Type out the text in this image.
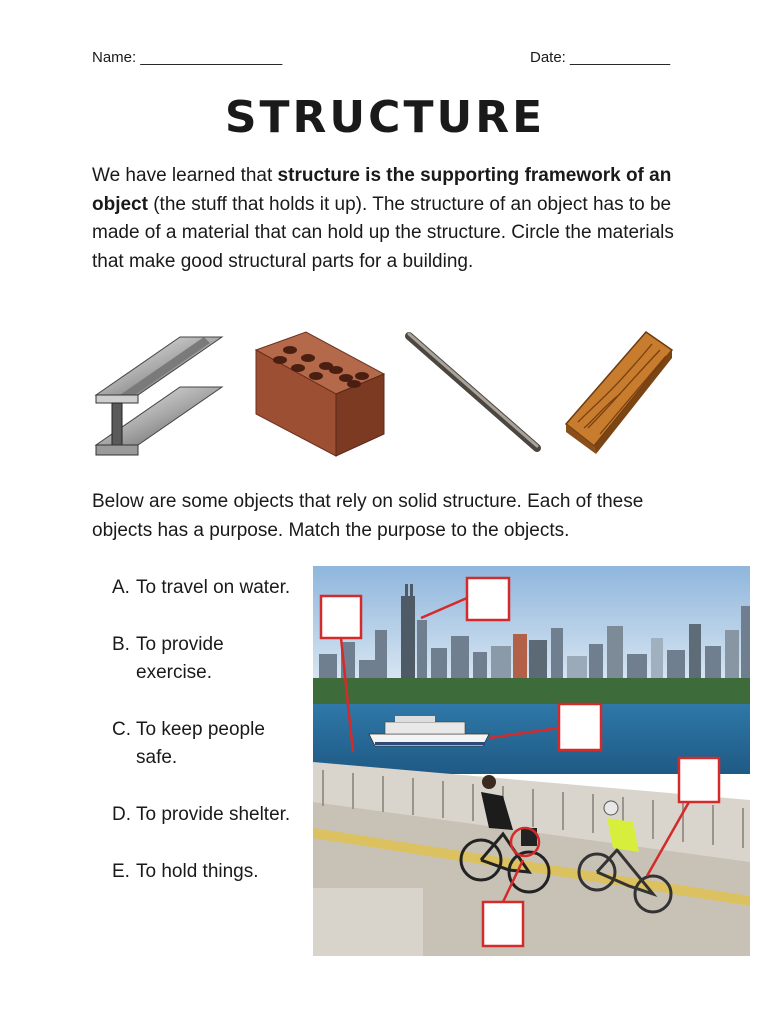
Name: _________________	Date: ____________
STRUCTURE
We have learned that structure is the supporting framework of an object (the stuff that holds it up). The structure of an object has to be made of a material that can hold up the structure. Circle the materials that make good structural parts for a building.
Below are some objects that rely on solid structure. Each of these objects has a purpose. Match the purpose to the objects.
A. To travel on water.
B. To provide exercise.
C. To keep people safe.
D. To provide shelter.
E. To hold things.
